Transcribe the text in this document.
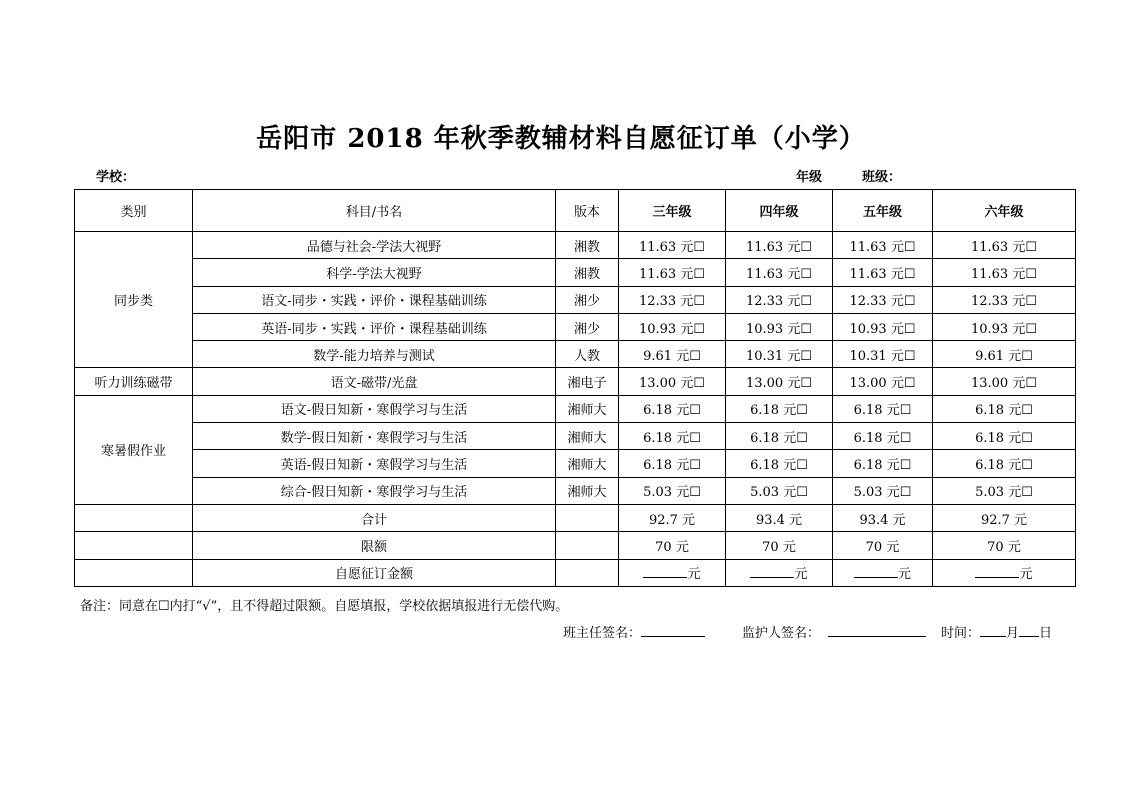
岳阳市 2018 年秋季教辅材料自愿征订单（小学）
学校：	年级	班级：
类别	科目/书名	版本	三年级	四年级	五年级	六年级
同步类	品德与社会-学法大视野	湘教	11.63 元☐	11.63 元☐	11.63 元☐	11.63 元☐
	科学-学法大视野	湘教	11.63 元☐	11.63 元☐	11.63 元☐	11.63 元☐
	语文-同步・实践・评价・课程基础训练	湘少	12.33 元☐	12.33 元☐	12.33 元☐	12.33 元☐
	英语-同步・实践・评价・课程基础训练	湘少	10.93 元☐	10.93 元☐	10.93 元☐	10.93 元☐
	数学-能力培养与测试	人教	9.61 元☐	10.31 元☐	10.31 元☐	9.61 元☐
听力训练磁带	语文-磁带/光盘	湘电子	13.00 元☐	13.00 元☐	13.00 元☐	13.00 元☐
寒暑假作业	语文-假日知新・寒假学习与生活	湘师大	6.18 元☐	6.18 元☐	6.18 元☐	6.18 元☐
	数学-假日知新・寒假学习与生活	湘师大	6.18 元☐	6.18 元☐	6.18 元☐	6.18 元☐
	英语-假日知新・寒假学习与生活	湘师大	6.18 元☐	6.18 元☐	6.18 元☐	6.18 元☐
	综合-假日知新・寒假学习与生活	湘师大	5.03 元☐	5.03 元☐	5.03 元☐	5.03 元☐
	合计		92.7 元	93.4 元	93.4 元	92.7 元
	限额		70 元	70 元	70 元	70 元
	自愿征订金额		元	元	元	元
备注：同意在☐内打“√”，且不得超过限额。自愿填报，学校依据填报进行无偿代购。
班主任签名：	监护人签名：	时间： 月 日
